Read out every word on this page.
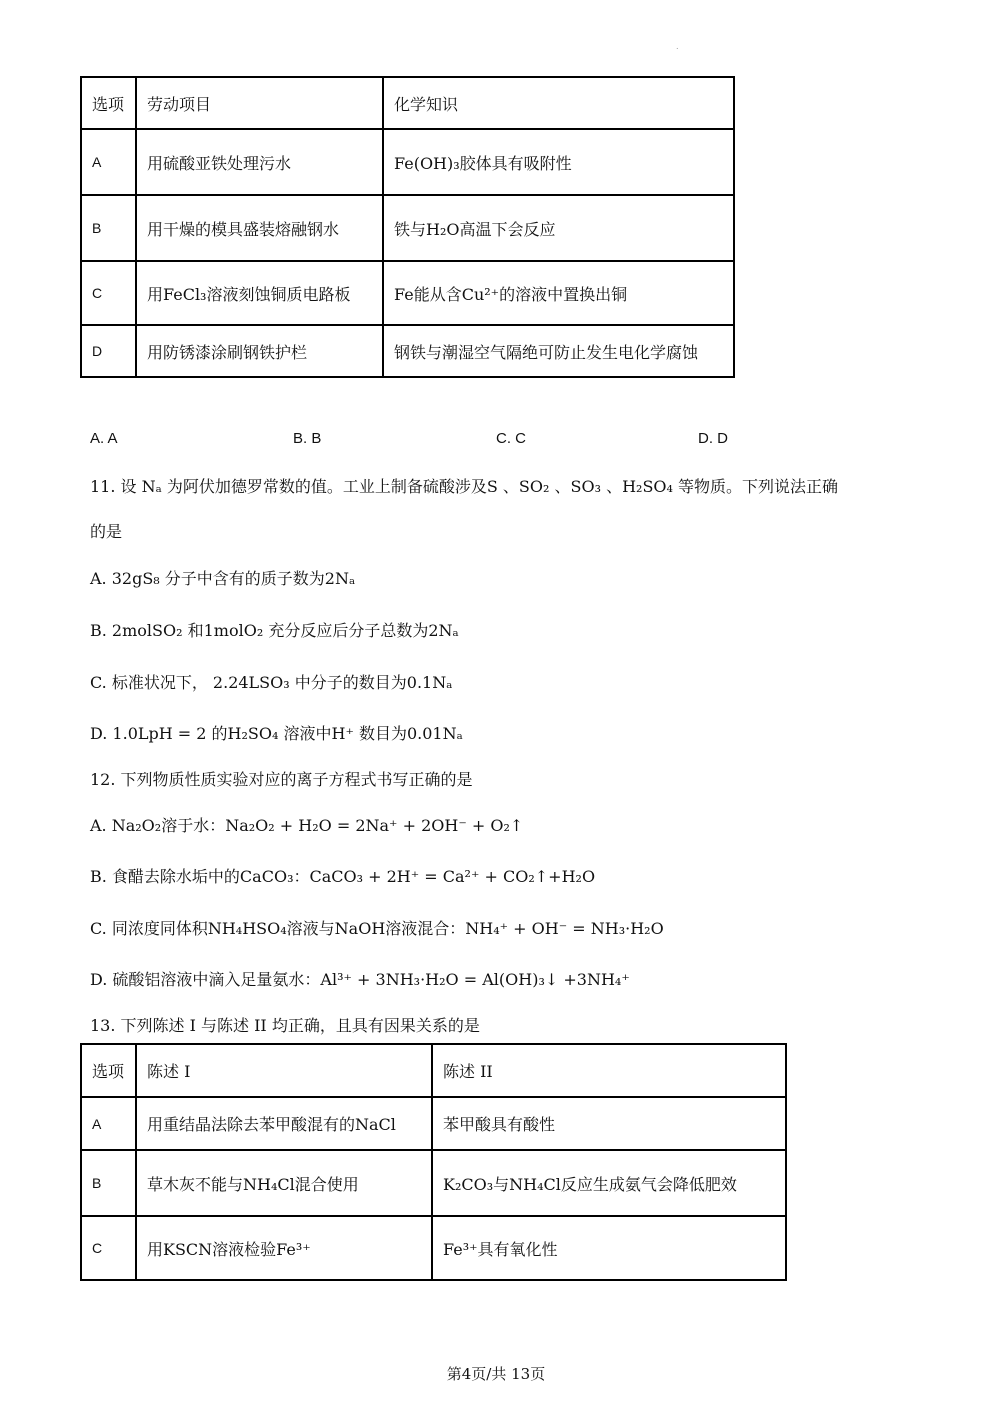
.
选项	劳动项目	化学知识
A	用硫酸亚铁处理污水	Fe(OH)₃胶体具有吸附性
B	用干燥的模具盛装熔融钢水	铁与H₂O高温下会反应
C	用FeCl₃溶液刻蚀铜质电路板	Fe能从含Cu²⁺的溶液中置换出铜
D	用防锈漆涂刷钢铁护栏	钢铁与潮湿空气隔绝可防止发生电化学腐蚀
A. A	B. B	C. C	D. D
11. 设 Nₐ 为阿伏加德罗常数的值。工业上制备硫酸涉及S 、SO₂ 、SO₃ 、H₂SO₄ 等物质。下列说法正确
的是
A. 32gS₈ 分子中含有的质子数为2Nₐ
B. 2molSO₂ 和1molO₂ 充分反应后分子总数为2Nₐ
C. 标准状况下， 2.24LSO₃ 中分子的数目为0.1Nₐ
D. 1.0LpH = 2 的H₂SO₄ 溶液中H⁺ 数目为0.01Nₐ
12. 下列物质性质实验对应的离子方程式书写正确的是
A. Na₂O₂溶于水：Na₂O₂ + H₂O = 2Na⁺ + 2OH⁻ + O₂↑
B. 食醋去除水垢中的CaCO₃：CaCO₃ + 2H⁺ = Ca²⁺ + CO₂↑+H₂O
C. 同浓度同体积NH₄HSO₄溶液与NaOH溶液混合：NH₄⁺ + OH⁻ = NH₃·H₂O
D. 硫酸铝溶液中滴入足量氨水：Al³⁺ + 3NH₃·H₂O = Al(OH)₃↓ +3NH₄⁺
13. 下列陈述 I 与陈述 II 均正确，且具有因果关系的是
选项	陈述 I	陈述 II
A	用重结晶法除去苯甲酸混有的NaCl	苯甲酸具有酸性
B	草木灰不能与NH₄Cl混合使用	K₂CO₃与NH₄Cl反应生成氨气会降低肥效
C	用KSCN溶液检验Fe³⁺	Fe³⁺具有氧化性
第4页/共 13页
